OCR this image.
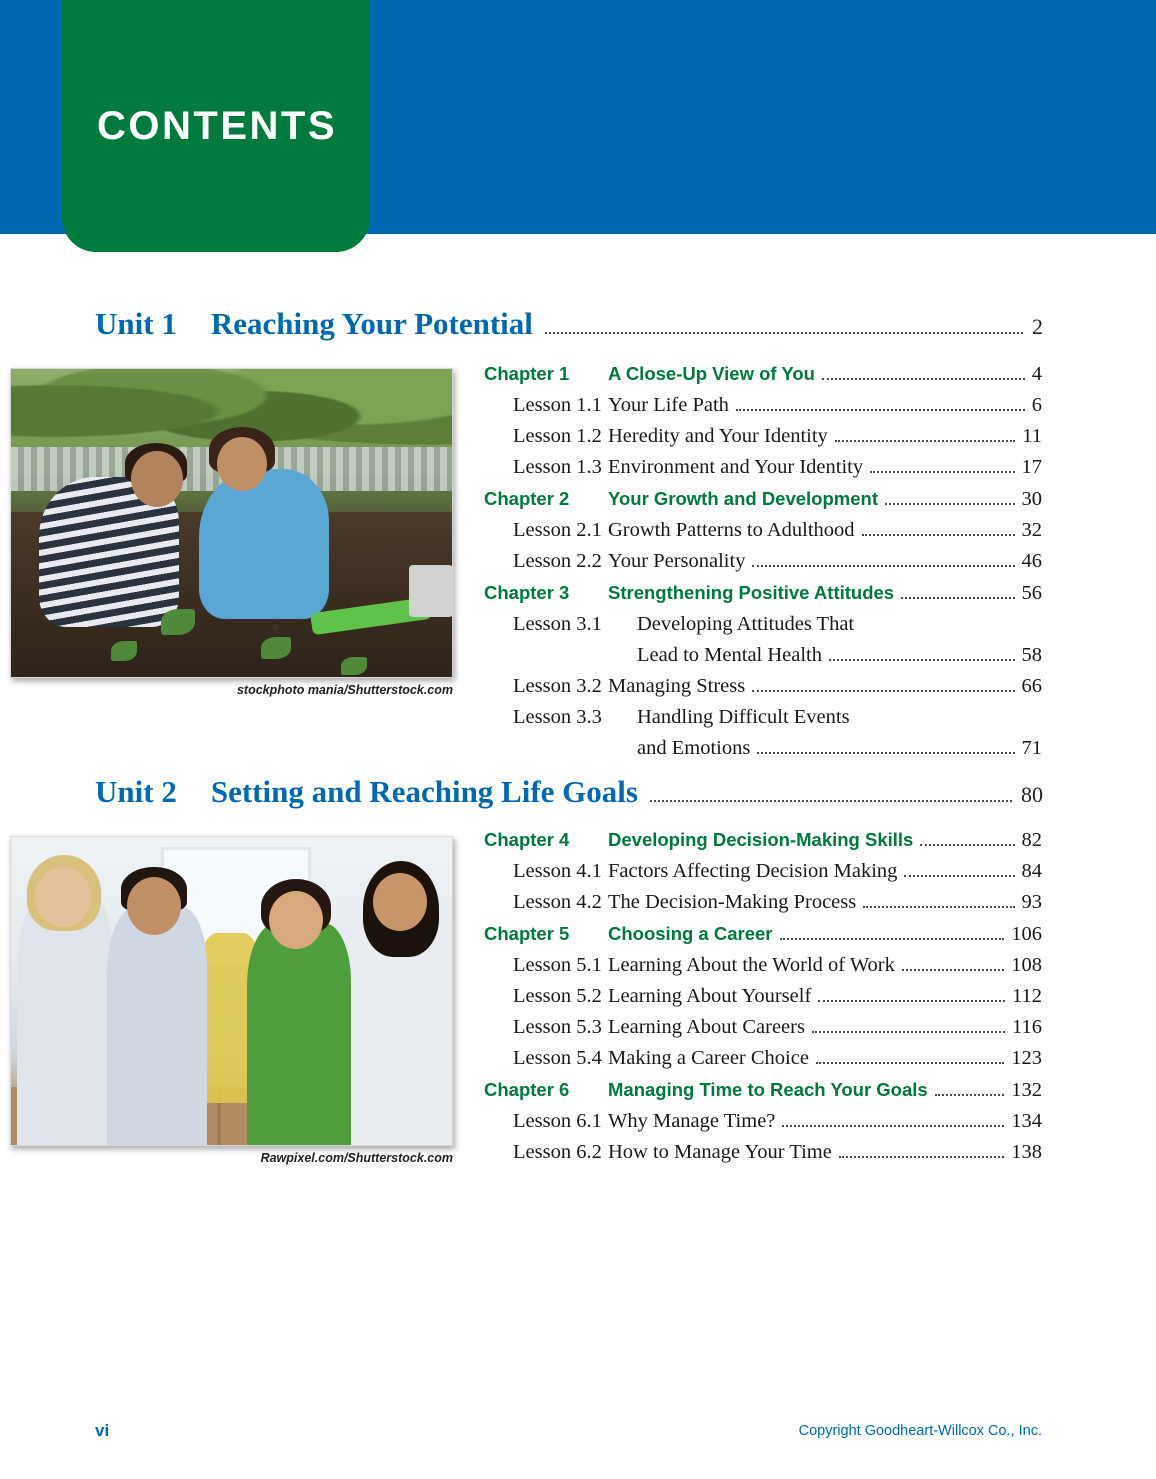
CONTENTS
Unit 1 Reaching Your Potential	2
stockphoto mania/Shutterstock.com
Chapter 1	A Close-Up View of You	4
Lesson 1.1 Your Life Path	6
Lesson 1.2 Heredity and Your Identity	11
Lesson 1.3 Environment and Your Identity	17
Chapter 2	Your Growth and Development	30
Lesson 2.1 Growth Patterns to Adulthood	32
Lesson 2.2 Your Personality	46
Chapter 3	Strengthening Positive Attitudes	56
Lesson 3.1	Developing Attitudes That
Lead to Mental Health	58
Lesson 3.2 Managing Stress	66
Lesson 3.3	Handling Difficult Events
and Emotions	71
Unit 2 Setting and Reaching Life Goals	80
Rawpixel.com/Shutterstock.com
Chapter 4	Developing Decision-Making Skills	82
Lesson 4.1 Factors Affecting Decision Making	84
Lesson 4.2 The Decision-Making Process	93
Chapter 5	Choosing a Career	106
Lesson 5.1 Learning About the World of Work	108
Lesson 5.2 Learning About Yourself	112
Lesson 5.3 Learning About Careers	116
Lesson 5.4 Making a Career Choice	123
Chapter 6	Managing Time to Reach Your Goals	132
Lesson 6.1 Why Manage Time?	134
Lesson 6.2 How to Manage Your Time	138
vi	Copyright Goodheart-Willcox Co., Inc.
